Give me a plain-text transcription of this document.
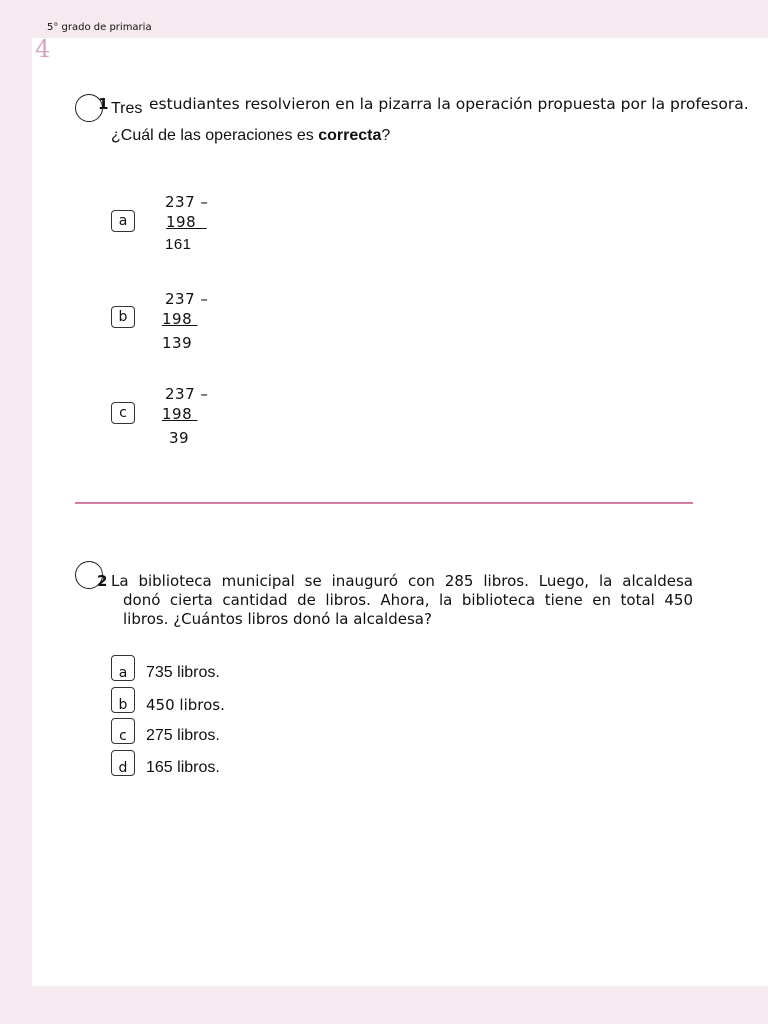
5° grado de primaria
4
1 Tres estudiantes resolvieron en la pizarra la operación propuesta por la profesora.
¿Cuál de las operaciones es correcta?
a
237 –
198
161
b
237 –
198
139
c
237 –
198
39
2 La biblioteca municipal se inauguró con 285 libros. Luego, la alcaldesa
donó cierta cantidad de libros. Ahora, la biblioteca tiene en total 450
libros. ¿Cuántos libros donó la alcaldesa?
a	735 libros.
b	450 libros.
c	275 libros.
d	165 libros.
